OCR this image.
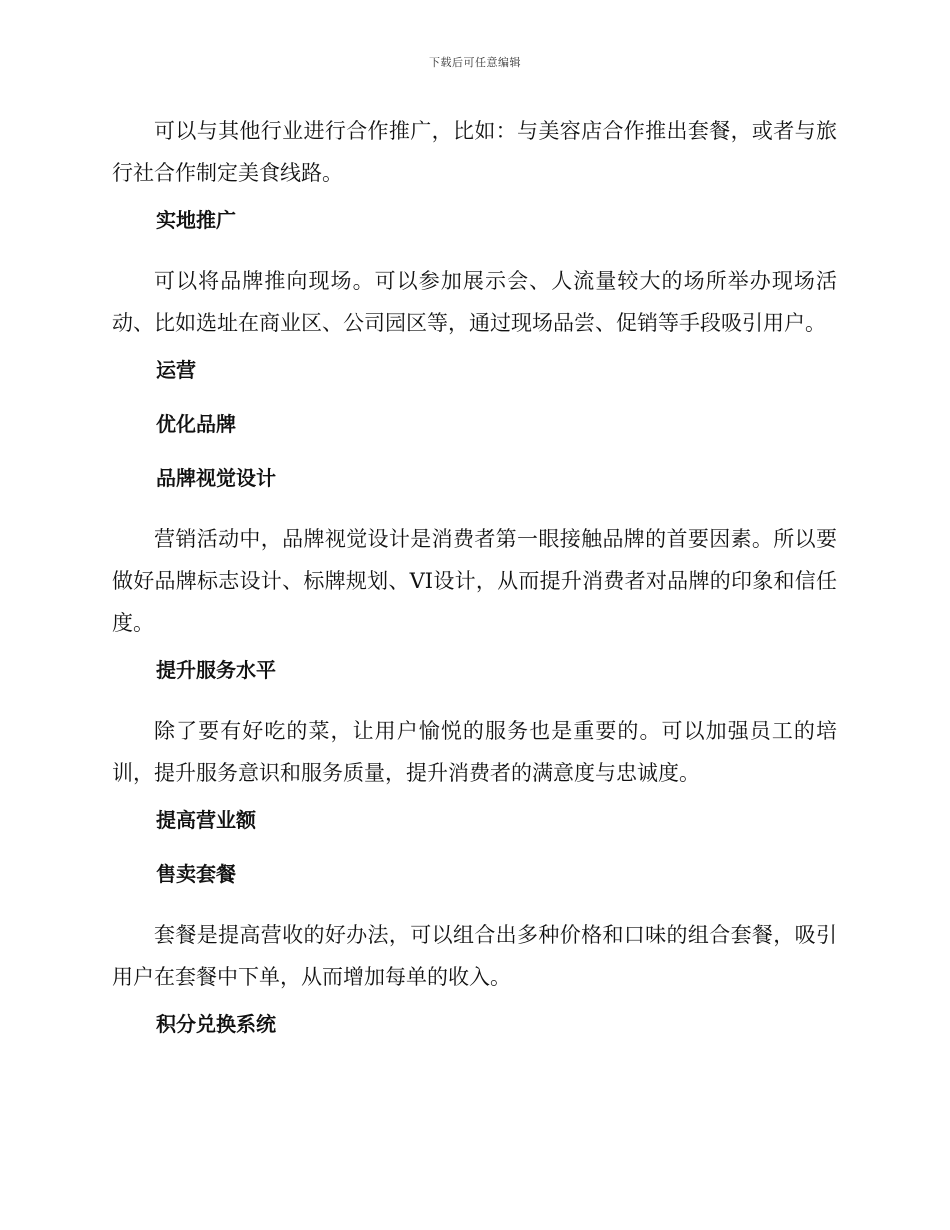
下载后可任意编辑

可以与其他行业进行合作推广，比如：与美容店合作推出套餐，或者与旅行社合作制定美食线路。

实地推广

可以将品牌推向现场。可以参加展示会、人流量较大的场所举办现场活动、比如选址在商业区、公司园区等，通过现场品尝、促销等手段吸引用户。

运营
优化品牌
品牌视觉设计

营销活动中，品牌视觉设计是消费者第一眼接触品牌的首要因素。所以要做好品牌标志设计、标牌规划、VI设计，从而提升消费者对品牌的印象和信任度。

提升服务水平

除了要有好吃的菜，让用户愉悦的服务也是重要的。可以加强员工的培训，提升服务意识和服务质量，提升消费者的满意度与忠诚度。

提高营业额
售卖套餐

套餐是提高营收的好办法，可以组合出多种价格和口味的组合套餐，吸引用户在套餐中下单，从而增加每单的收入。

积分兑换系统
